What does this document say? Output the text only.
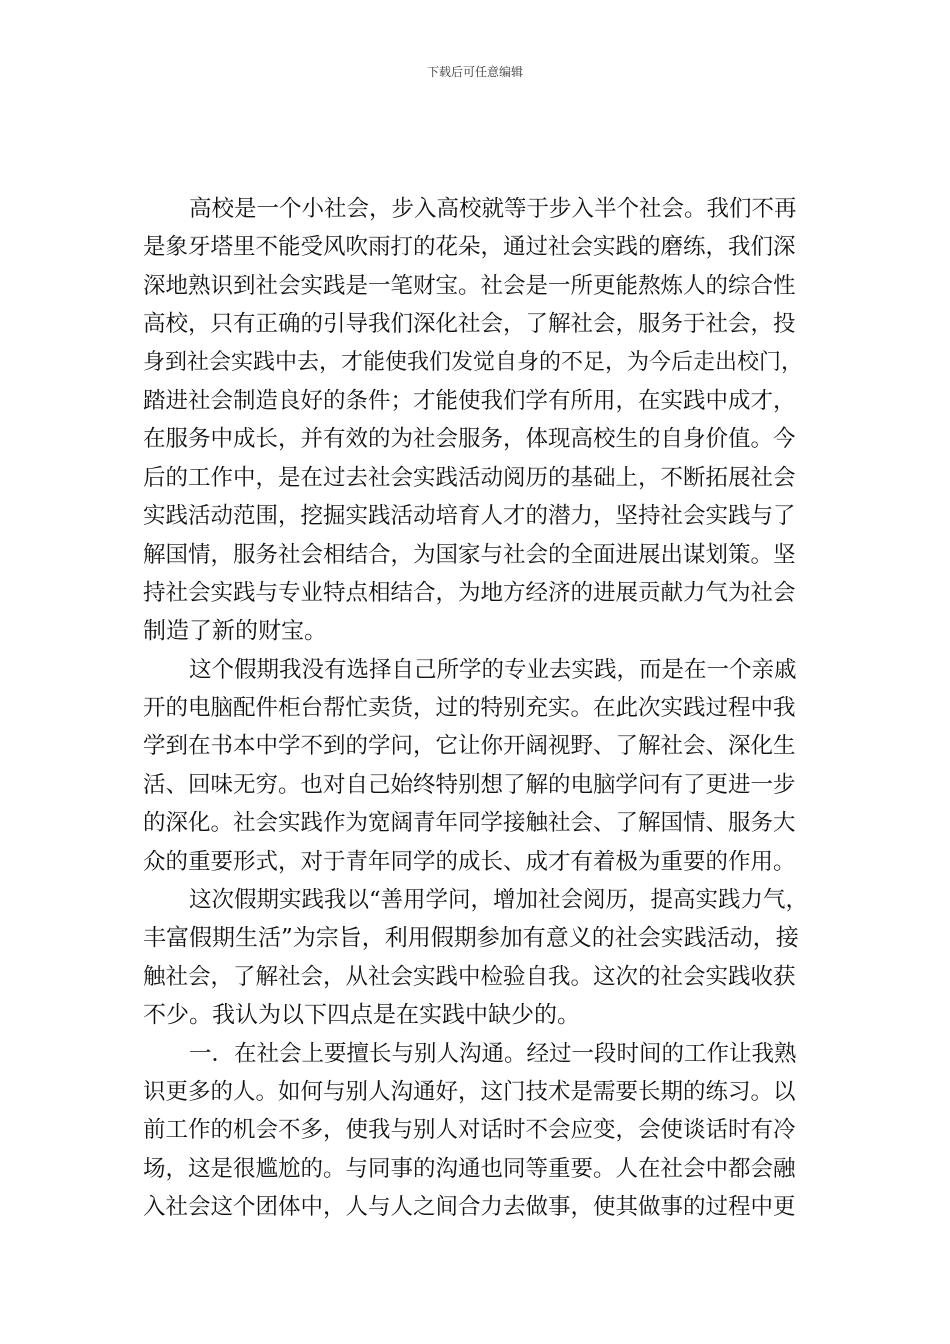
下载后可任意编辑
高校是一个小社会，步入高校就等于步入半个社会。我们不再
是象牙塔里不能受风吹雨打的花朵，通过社会实践的磨练，我们深
深地熟识到社会实践是一笔财宝。社会是一所更能熬炼人的综合性
高校，只有正确的引导我们深化社会，了解社会，服务于社会，投
身到社会实践中去，才能使我们发觉自身的不足，为今后走出校门，
踏进社会制造良好的条件；才能使我们学有所用，在实践中成才，
在服务中成长，并有效的为社会服务，体现高校生的自身价值。今
后的工作中，是在过去社会实践活动阅历的基础上，不断拓展社会
实践活动范围，挖掘实践活动培育人才的潜力，坚持社会实践与了
解国情，服务社会相结合，为国家与社会的全面进展出谋划策。坚
持社会实践与专业特点相结合，为地方经济的进展贡献力气为社会
制造了新的财宝。
这个假期我没有选择自己所学的专业去实践，而是在一个亲戚
开的电脑配件柜台帮忙卖货，过的特别充实。在此次实践过程中我
学到在书本中学不到的学问，它让你开阔视野、了解社会、深化生
活、回味无穷。也对自己始终特别想了解的电脑学问有了更进一步
的深化。社会实践作为宽阔青年同学接触社会、了解国情、服务大
众的重要形式，对于青年同学的成长、成才有着极为重要的作用。
这次假期实践我以“善用学问，增加社会阅历，提高实践力气，
丰富假期生活”为宗旨，利用假期参加有意义的社会实践活动，接
触社会，了解社会，从社会实践中检验自我。这次的社会实践收获
不少。我认为以下四点是在实践中缺少的。
一．在社会上要擅长与别人沟通。经过一段时间的工作让我熟
识更多的人。如何与别人沟通好，这门技术是需要长期的练习。以
前工作的机会不多，使我与别人对话时不会应变，会使谈话时有冷
场，这是很尴尬的。与同事的沟通也同等重要。人在社会中都会融
入社会这个团体中，人与人之间合力去做事，使其做事的过程中更
